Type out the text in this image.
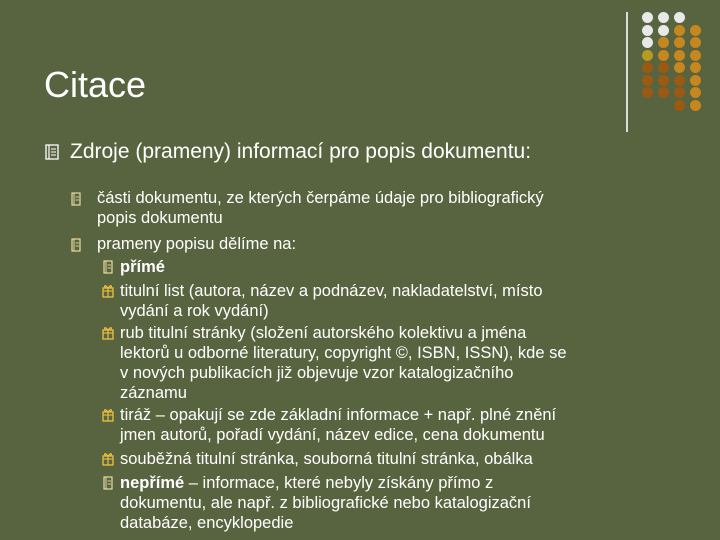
Citace
Zdroje (prameny) informací pro popis dokumentu:
části dokumentu, ze kterých čerpáme údaje pro bibliografický
popis dokumentu
prameny popisu dělíme na:
přímé
titulní list (autora, název a podnázev, nakladatelství, místo
vydání a rok vydání)
rub titulní stránky (složení autorského kolektivu a jména
lektorů u odborné literatury, copyright ©, ISBN, ISSN), kde se
v nových publikacích již objevuje vzor katalogizačního
záznamu
tiráž – opakují se zde základní informace + např. plné znění
jmen autorů, pořadí vydání, název edice, cena dokumentu
souběžná titulní stránka, souborná titulní stránka, obálka
nepřímé – informace, které nebyly získány přímo z
dokumentu, ale např. z bibliografické nebo katalogizační
databáze, encyklopedie
